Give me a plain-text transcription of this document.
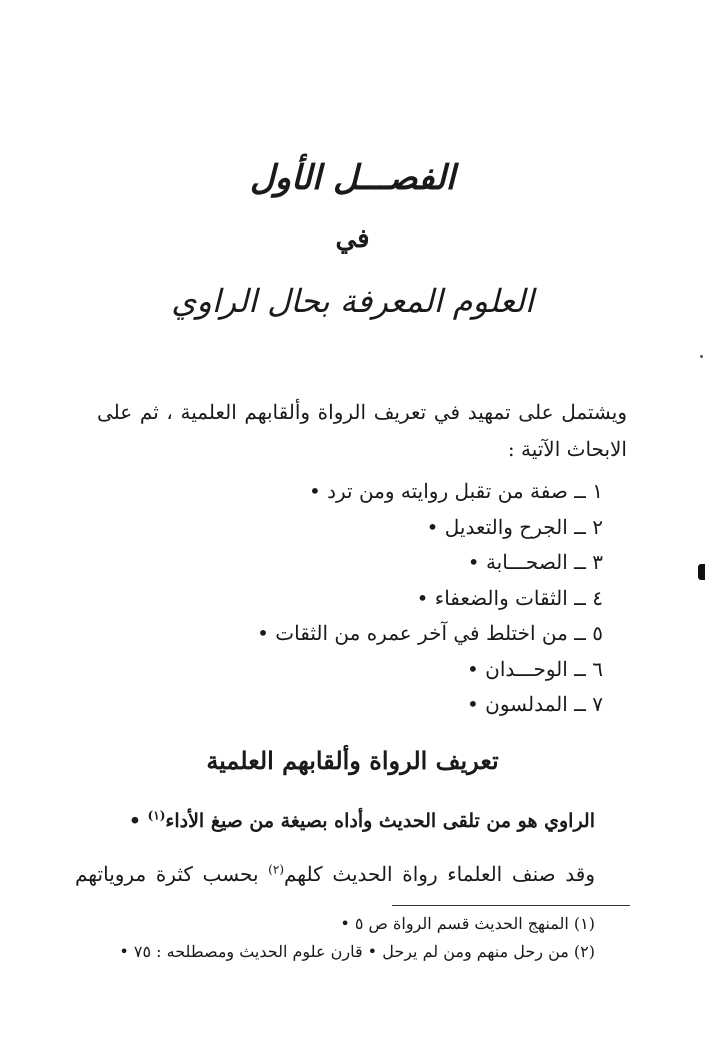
الفصـــل الأول
في
العلوم المعرفة بحال الراوي
ويشتمل على تمهيد في تعريف الرواة وألقابهم العلمية ، ثم على
الابحاث الآتية :
١ ــ صفة من تقبل روايته ومن ترد •
٢ ــ الجرح والتعديل •
٣ ــ الصحـــابة •
٤ ــ الثقات والضعفاء •
٥ ــ من اختلط في آخر عمره من الثقات •
٦ ــ الوحـــدان •
٧ ــ المدلسون •
تعريف الرواة وألقابهم العلمية
الراوي هو من تلقى الحديث وأداه بصيغة من صيغ الأداء$^{(١)}$ •
وقد صنف العلماء رواة الحديث كلهم$^{(٢)}$ بحسب كثرة مروياتهم
(١) المنهج الحديث قسم الرواة ص ٥ •
(٢) من رحل منهم ومن لم يرحل • قارن علوم الحديث ومصطلحه : ٧٥ •
